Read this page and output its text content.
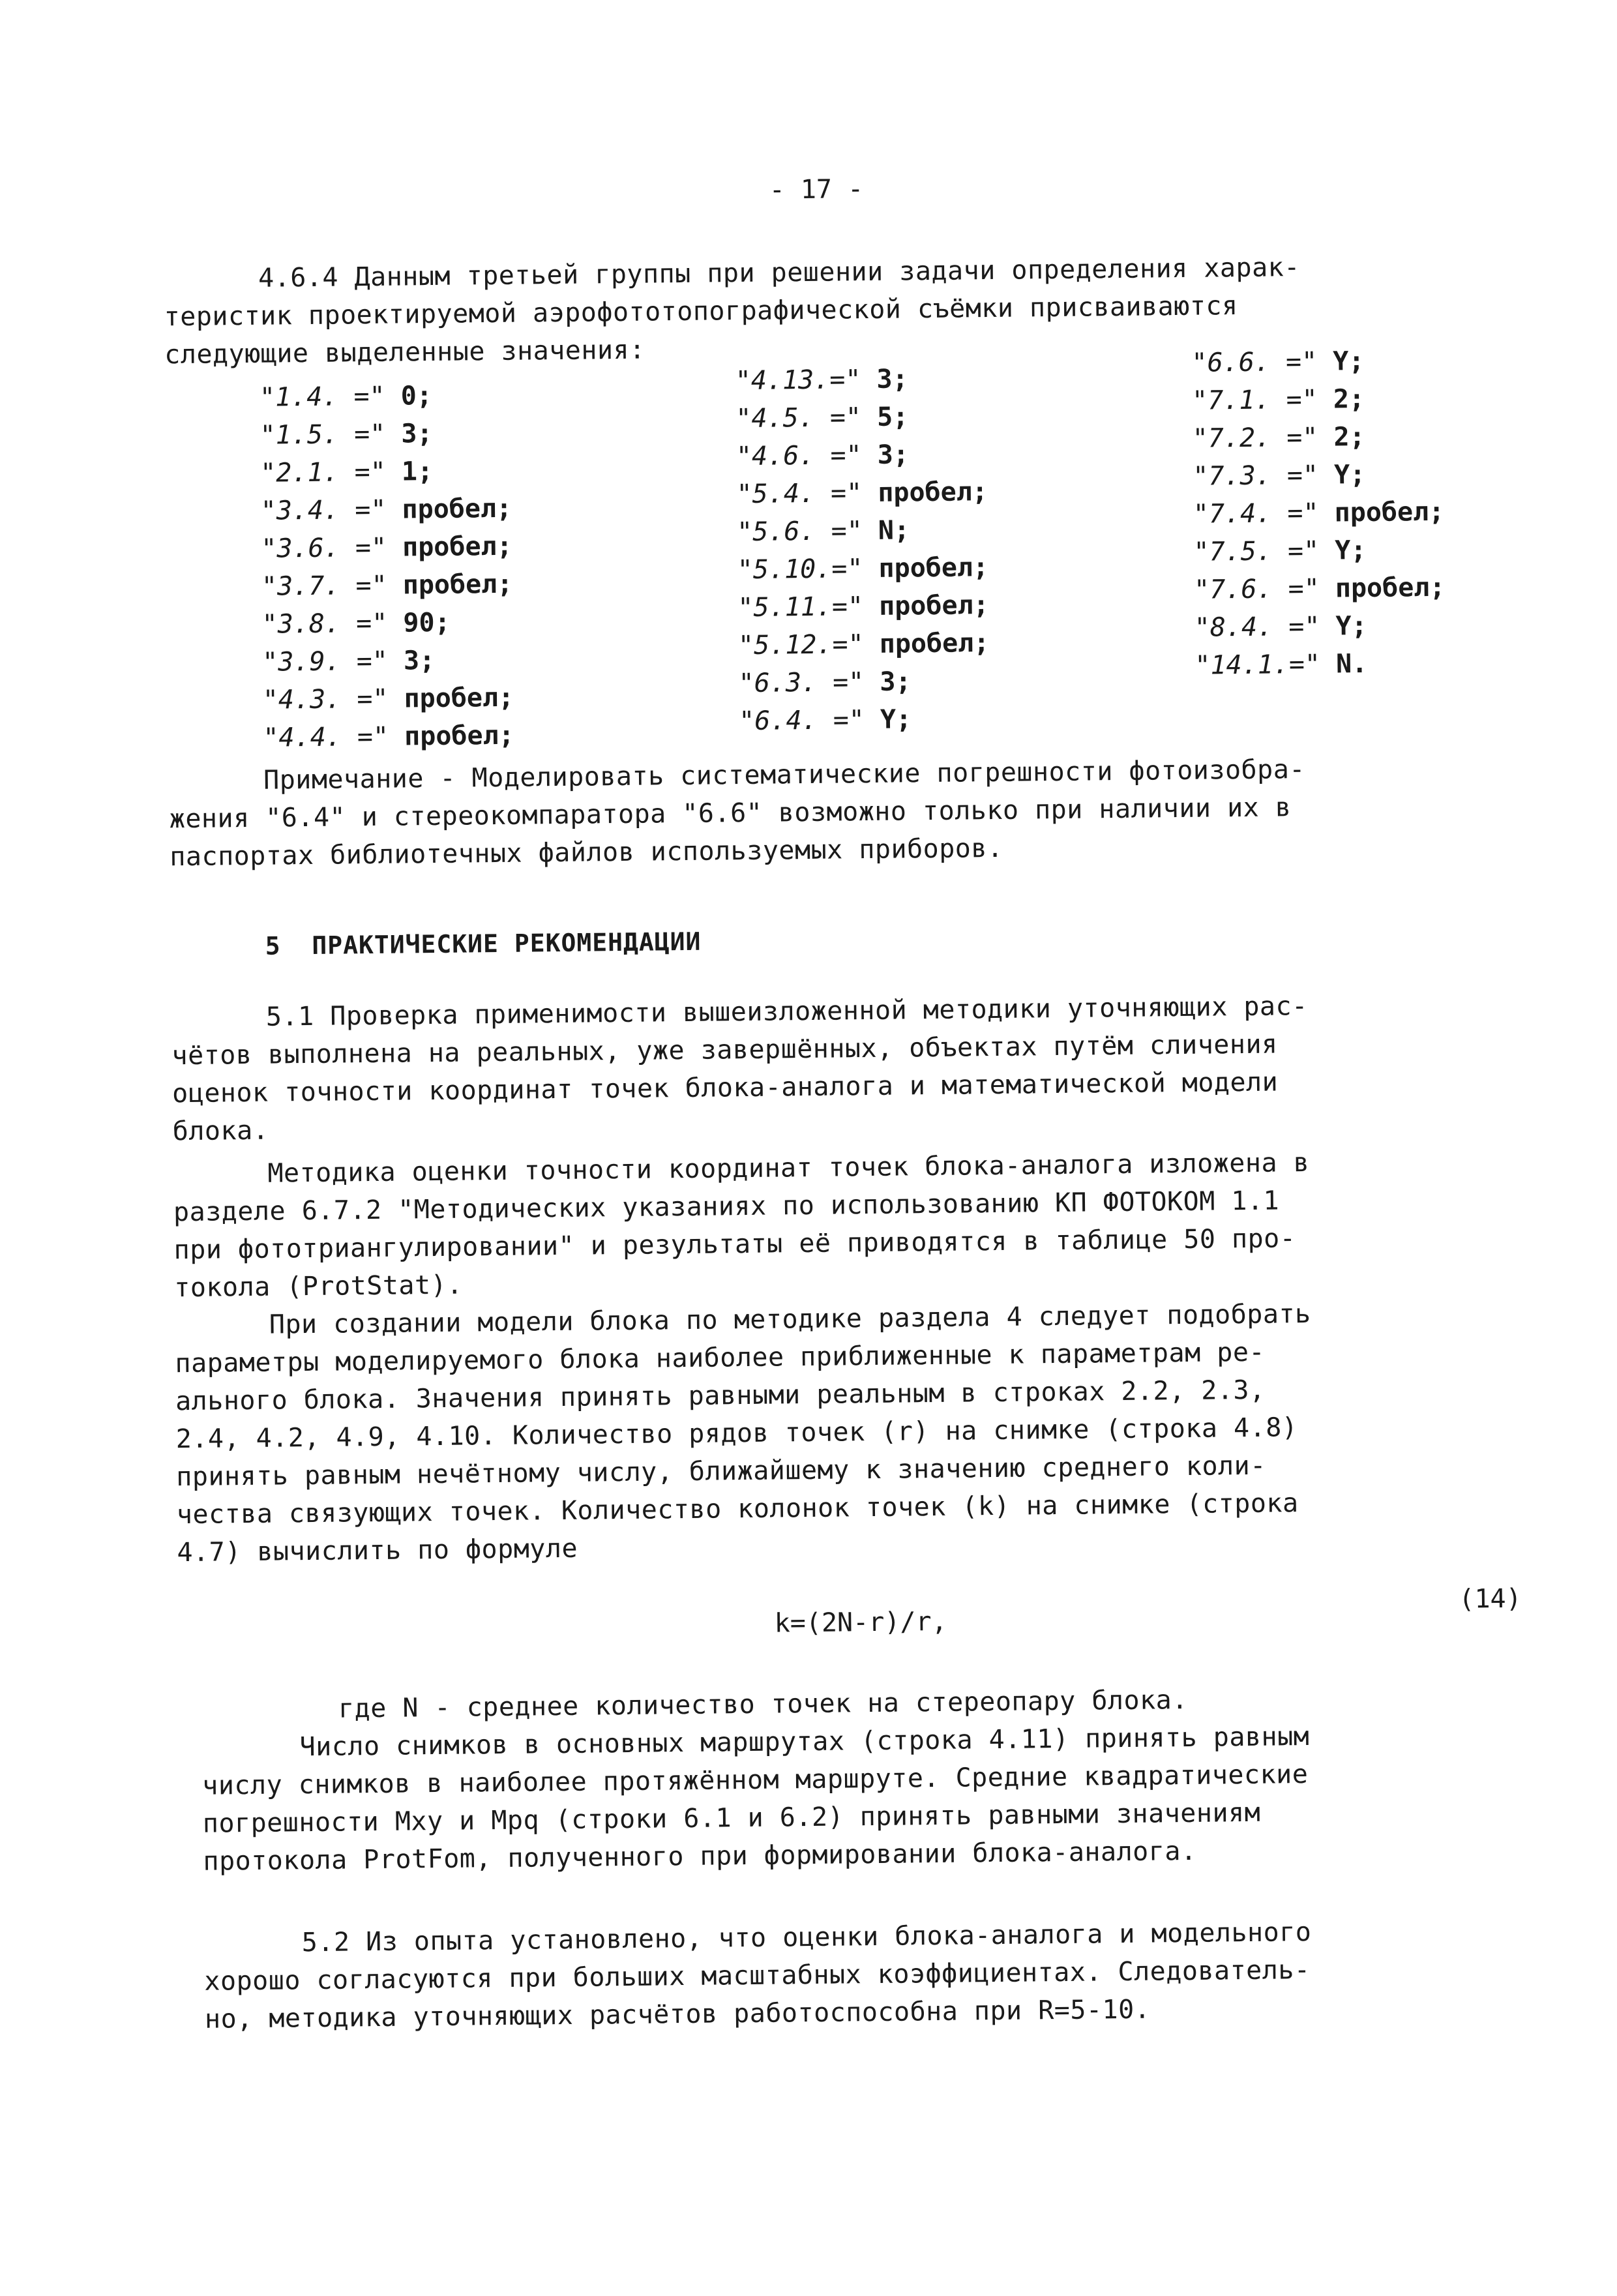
- 17 -
4.6.4 Данным третьей группы при решении задачи определения харак-
теристик проектируемой аэрофототопографической съёмки присваиваются
следующие выделенные значения:
"1.4. =" 0;
"1.5. =" 3;
"2.1. =" 1;
"3.4. =" пробел;
"3.6. =" пробел;
"3.7. =" пробел;
"3.8. =" 90;
"3.9. =" 3;
"4.3. =" пробел;
"4.4. =" пробел;
"4.13.=" 3;
"4.5. =" 5;
"4.6. =" 3;
"5.4. =" пробел;
"5.6. =" N;
"5.10.=" пробел;
"5.11.=" пробел;
"5.12.=" пробел;
"6.3. =" 3;
"6.4. =" Y;
"6.6. =" Y;
"7.1. =" 2;
"7.2. =" 2;
"7.3. =" Y;
"7.4. =" пробел;
"7.5. =" Y;
"7.6. =" пробел;
"8.4. =" Y;
"14.1.=" N.
Примечание - Моделировать систематические погрешности фотоизобра-
жения "6.4" и стереокомпаратора "6.6" возможно только при наличии их в
паспортах библиотечных файлов используемых приборов.
5  ПРАКТИЧЕСКИЕ РЕКОМЕНДАЦИИ
5.1 Проверка применимости вышеизложенной методики уточняющих рас-
чётов выполнена на реальных, уже завершённых, объектах путём сличения
оценок точности координат точек блока-аналога и математической модели
блока.
Методика оценки точности координат точек блока-аналога изложена в
разделе 6.7.2 "Методических указаниях по использованию КП ФОТОКОМ 1.1
при фототриангулировании" и результаты её приводятся в таблице 50 про-
токола (ProtStat).
При создании модели блока по методике раздела 4 следует подобрать
параметры моделируемого блока наиболее приближенные к параметрам ре-
ального блока. Значения принять равными реальным в строках 2.2, 2.3,
2.4, 4.2, 4.9, 4.10. Количество рядов точек (r) на снимке (строка 4.8)
принять равным нечётному числу, ближайшему к значению среднего коли-
чества связующих точек. Количество колонок точек (k) на снимке (строка
4.7) вычислить по формуле
k=(2N-r)/r,
(14)
где N - среднее количество точек на стереопару блока.
Число снимков в основных маршрутах (строка 4.11) принять равным
числу снимков в наиболее протяжённом маршруте. Средние квадратические
погрешности Mxy и Mpq (строки 6.1 и 6.2) принять равными значениям
протокола ProtFom, полученного при формировании блока-аналога.
5.2 Из опыта установлено, что оценки блока-аналога и модельного
хорошо согласуются при больших масштабных коэффициентах. Следователь-
но, методика уточняющих расчётов работоспособна при R=5-10.
